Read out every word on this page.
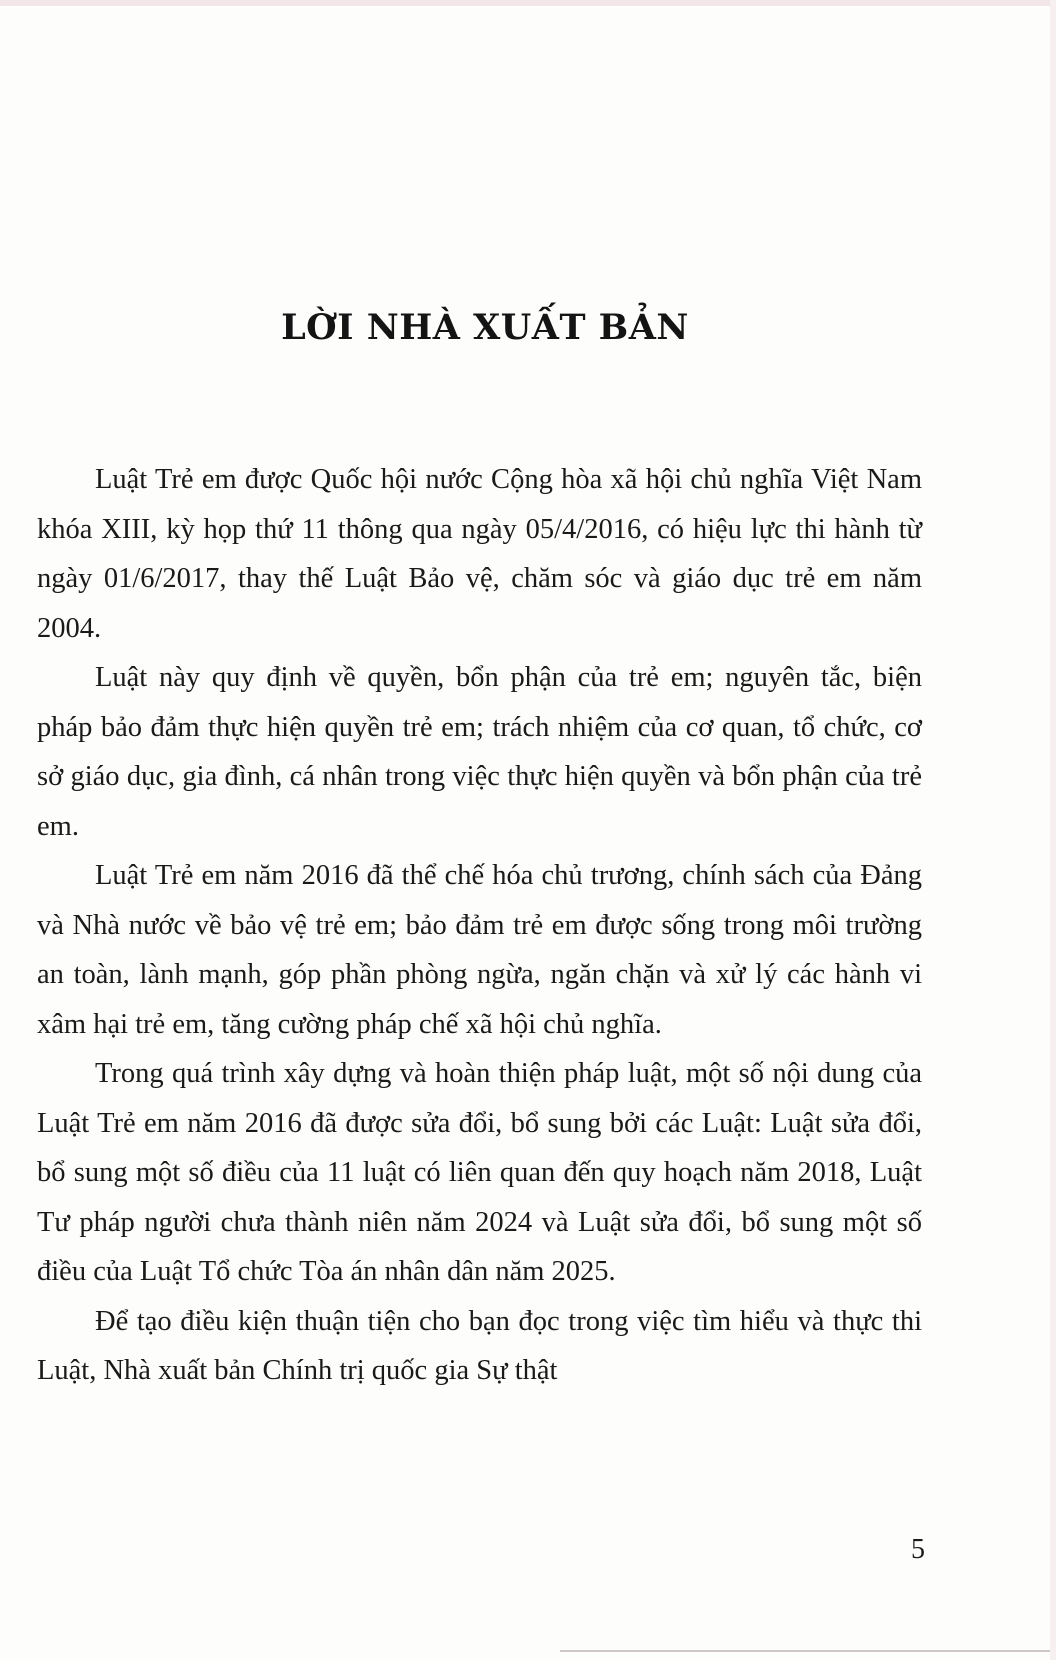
LỜI NHÀ XUẤT BẢN

Luật Trẻ em được Quốc hội nước Cộng hòa xã hội chủ nghĩa Việt Nam khóa XIII, kỳ họp thứ 11 thông qua ngày 05/4/2016, có hiệu lực thi hành từ ngày 01/6/2017, thay thế Luật Bảo vệ, chăm sóc và giáo dục trẻ em năm 2004.

Luật này quy định về quyền, bổn phận của trẻ em; nguyên tắc, biện pháp bảo đảm thực hiện quyền trẻ em; trách nhiệm của cơ quan, tổ chức, cơ sở giáo dục, gia đình, cá nhân trong việc thực hiện quyền và bổn phận của trẻ em.

Luật Trẻ em năm 2016 đã thể chế hóa chủ trương, chính sách của Đảng và Nhà nước về bảo vệ trẻ em; bảo đảm trẻ em được sống trong môi trường an toàn, lành mạnh, góp phần phòng ngừa, ngăn chặn và xử lý các hành vi xâm hại trẻ em, tăng cường pháp chế xã hội chủ nghĩa.

Trong quá trình xây dựng và hoàn thiện pháp luật, một số nội dung của Luật Trẻ em năm 2016 đã được sửa đổi, bổ sung bởi các Luật: Luật sửa đổi, bổ sung một số điều của 11 luật có liên quan đến quy hoạch năm 2018, Luật Tư pháp người chưa thành niên năm 2024 và Luật sửa đổi, bổ sung một số điều của Luật Tổ chức Tòa án nhân dân năm 2025.

Để tạo điều kiện thuận tiện cho bạn đọc trong việc tìm hiểu và thực thi Luật, Nhà xuất bản Chính trị quốc gia Sự thật

5
